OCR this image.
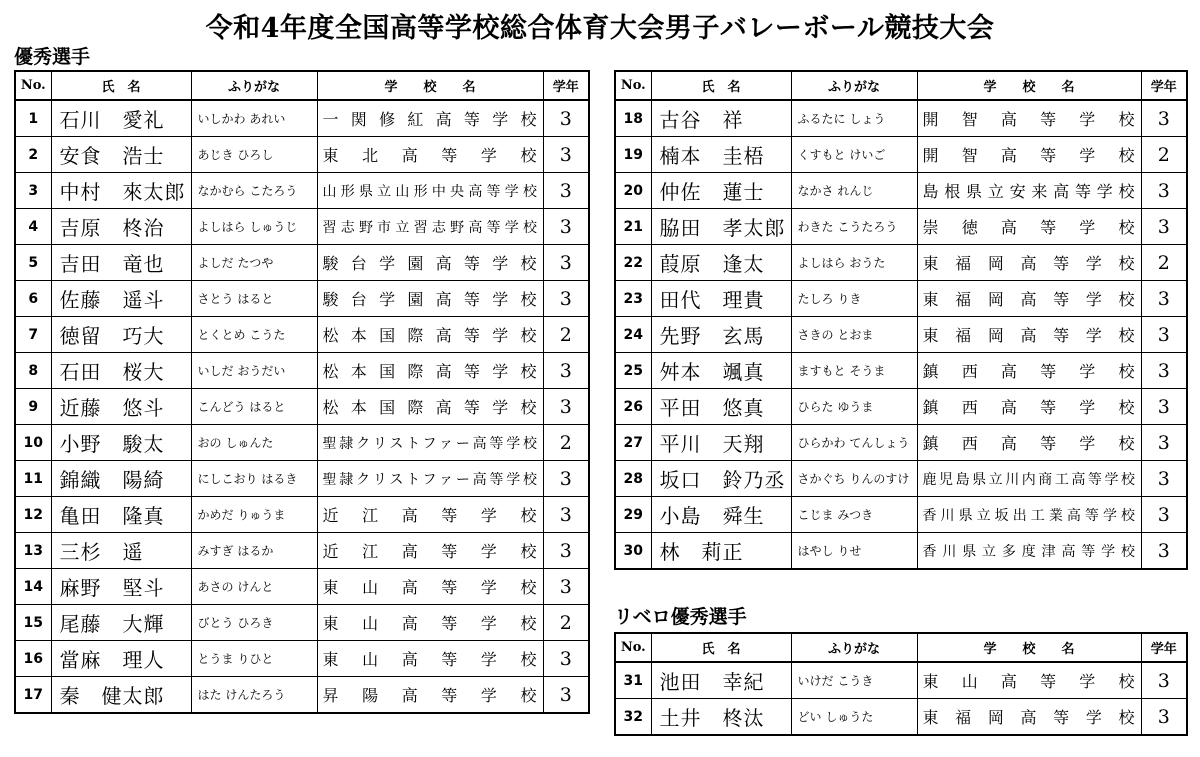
令和4年度全国高等学校総合体育大会男子バレーボール競技大会
優秀選手
No.	氏　名	ふりがな	学　　校　　名	学年
1	石川　愛礼	いしかわ あれい	一 関 修 紅 高 等 学 校	3
2	安食　浩士	あじき ひろし	東 北 高 等 学 校	3
3	中村　來太郎	なかむら こたろう	山形県立山形中央高等学校	3
4	吉原　柊治	よしはら しゅうじ	習志野市立習志野高等学校	3
5	吉田　竜也	よしだ たつや	駿 台 学 園 高 等 学 校	3
6	佐藤　遥斗	さとう はると	駿 台 学 園 高 等 学 校	3
7	徳留　巧大	とくとめ こうた	松 本 国 際 高 等 学 校	2
8	石田　桜大	いしだ おうだい	松 本 国 際 高 等 学 校	3
9	近藤　悠斗	こんどう はると	松 本 国 際 高 等 学 校	3
10	小野　駿太	おの しゅんた	聖隷クリストファー高等学校	2
11	錦織　陽綺	にしこおり はるき	聖隷クリストファー高等学校	3
12	亀田　隆真	かめだ りゅうま	近 江 高 等 学 校	3
13	三杉　遥	みすぎ はるか	近 江 高 等 学 校	3
14	麻野　堅斗	あさの けんと	東 山 高 等 学 校	3
15	尾藤　大輝	びとう ひろき	東 山 高 等 学 校	2
16	當麻　理人	とうま りひと	東 山 高 等 学 校	3
17	秦　健太郎	はた けんたろう	昇 陽 高 等 学 校	3
No.	氏　名	ふりがな	学　　校　　名	学年
18	古谷　祥	ふるたに しょう	開 智 高 等 学 校	3
19	楠本　圭梧	くすもと けいご	開 智 高 等 学 校	2
20	仲佐　蓮士	なかさ れんじ	島 根 県 立 安 来 高 等 学 校	3
21	脇田　孝太郎	わきた こうたろう	崇 徳 高 等 学 校	3
22	葭原　逢太	よしはら おうた	東 福 岡 高 等 学 校	2
23	田代　理貴	たしろ りき	東 福 岡 高 等 学 校	3
24	先野　玄馬	さきの とおま	東 福 岡 高 等 学 校	3
25	舛本　颯真	ますもと そうま	鎮 西 高 等 学 校	3
26	平田　悠真	ひらた ゆうま	鎮 西 高 等 学 校	3
27	平川　天翔	ひらかわ てんしょう	鎮 西 高 等 学 校	3
28	坂口　鈴乃丞	さかぐち りんのすけ	鹿児島県立川内商工高等学校	3
29	小島　舜生	こじま みつき	香川県立坂出工業高等学校	3
30	林　莉正	はやし りせ	香川県立多度津高等学校	3
リベロ優秀選手
No.	氏　名	ふりがな	学　　校　　名	学年
31	池田　幸紀	いけだ こうき	東 山 高 等 学 校	3
32	土井　柊汰	どい しゅうた	東 福 岡 高 等 学 校	3
